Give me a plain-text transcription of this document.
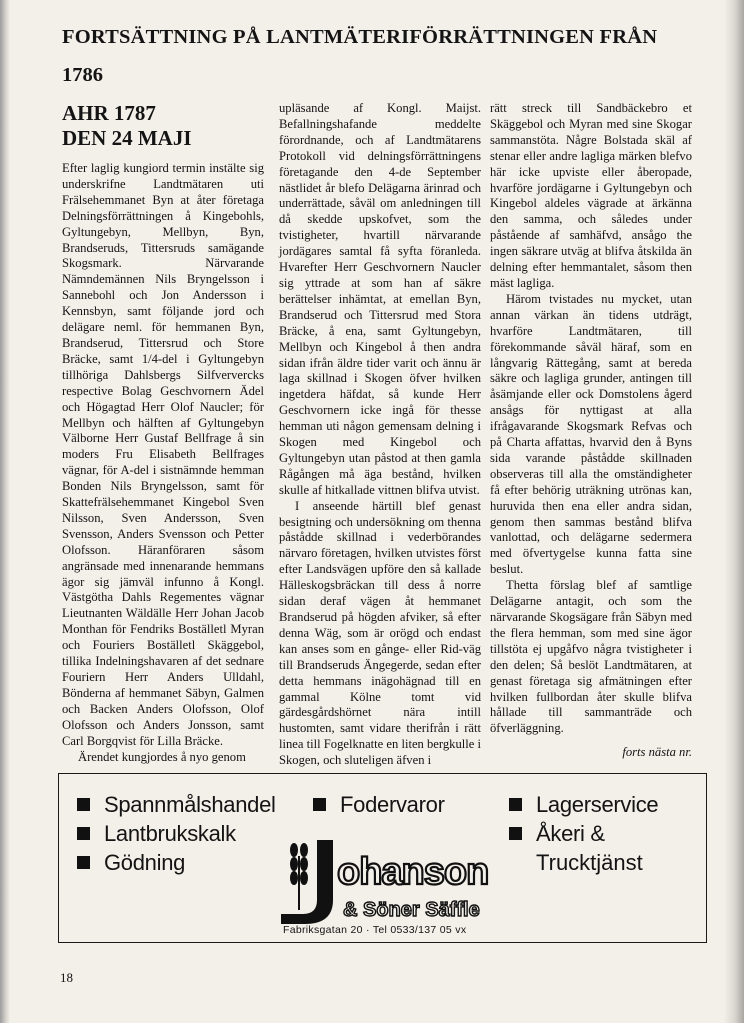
FORTSÄTTNING PÅ LANTMÄTERIFÖRRÄTTNINGEN FRÅN
1786
AHR 1787
DEN 24 MAJI

Efter laglig kungiord termin instälte sig underskrifne Landtmätaren uti Frälsehemmanet Byn at åter företaga Delningsförrättningen å Kingebohls, Gyltungebyn, Mellbyn, Byn, Brandseruds, Tittersruds samägande Skogsmark. Närvarande Nämndemännen Nils Bryngelsson i Sannebohl och Jon Andersson i Kennsbyn, samt följande jord och delägare neml. för hemmanen Byn, Brandserud, Tittersrud och Store Bräcke, samt 1/4-del i Gyltungebyn tillhöriga Dahlsbergs Silfververcks respective Bolag Geschvornern Ädel och Högagtad Herr Olof Naucler; för Mellbyn och hälften af Gyltungebyn Välborne Herr Gustaf Bellfrage å sin moders Fru Elisabeth Bellfrages vägnar, för A-del i sistnämnde hemman Bonden Nils Bryngelsson, samt för Skattefrälsehemmanet Kingebol Sven Nilsson, Sven Andersson, Sven Svensson, Anders Svensson och Petter Olofsson. Häranföraren såsom angränsade med innenarande hemmans ägor sig jämväl infunno å Kongl. Västgötha Dahls Regementes vägnar Lieutnanten Wäldälle Herr Johan Jacob Monthan för Fendriks Boställetl Myran och Fouriers Boställetl Skäggebol, tillika Indelningshavaren af det sednare Fouriern Herr Anders Ulldahl, Bönderna af hemmanet Säbyn, Galmen och Backen Anders Olofsson, Olof Olofsson och Anders Jonsson, samt Carl Borgqvist för Lilla Bräcke.

Ärendet kungjordes å nyo genom

upläsande af Kongl. Maijst. Befallningshafande meddelte förordnande, och af Landtmätarens Protokoll vid delningsförrättningens företagande den 4-de September nästlidet år blefo Delägarna ärinrad och underrättade, såväl om anledningen till då skedde upskofvet, som the tvistigheter, hvartill närvarande jordägares samtal få syfta föranleda. Hvarefter Herr Geschvornern Naucler sig yttrade at som han af säkre berättelser inhämtat, at emellan Byn, Brandserud och Tittersrud med Stora Bräcke, å ena, samt Gyltungebyn, Mellbyn och Kingebol å then andra sidan ifrån äldre tider varit och ännu är laga skillnad i Skogen öfver hvilken ingetdera häfdat, så kunde Herr Geschvornern icke ingå för thesse hemman uti någon gemensam delning i Skogen med Kingebol och Gyltungebyn utan påstod at then gamla Rågången må äga bestånd, hvilken skulle af hitkallade vittnen blifva utvist.

I anseende härtill blef genast besigtning och undersökning om thenna påstådde skillnad i vederbörandes närvaro företagen, hvilken utvistes först efter Landsvägen upföre den så kallade Hälleskogsbräckan till dess å norre sidan deraf vägen åt hemmanet Brandserud på högden afviker, så efter denna Wäg, som är orögd och endast kan anses som en gånge- eller Rid-väg till Brandseruds Ängegerde, sedan efter detta hemmans inägohägnad till en gammal Kölne tomt vid gärdesgårdshörnet nära intill hustomten, samt vidare therifrån i rätt linea till Fogelknatte en liten bergkulle i Skogen, och sluteligen äfven i

rätt streck till Sandbäckebro et Skäggebol och Myran med sine Skogar sammanstöta. Någre Bolstada skäl af stenar eller andre lagliga märken blefvo här icke upviste eller åberopade, hvarföre jordägarne i Gyltungebyn och Kingebol aldeles vägrade at ärkänna den samma, och således under påstående af samhäfvd, ansågo the ingen säkrare utväg at blifva åtskilda än delning efter hemmantalet, såsom then mäst lagliga.

Härom tvistades nu mycket, utan annan värkan än tidens utdrägt, hvarföre Landtmätaren, till förekommande såväl häraf, som en långvarig Rättegång, samt at bereda säkre och lagliga grunder, antingen till åsämjande eller ock Domstolens ågerd ansågs för nyttigast at alla ifrågavarande Skogsmark Refvas och på Charta affattas, hvarvid den å Byns sida varande påstådde skillnaden observeras till alla the omständigheter få efter behörig uträkning utrönas kan, huruvida then ena eller andra sidan, genom then sammas bestånd blifva vanlottad, och delägarne sedermera med öfvertygelse kunna fatta sine beslut.

Thetta förslag blef af samtlige Delägarne antagit, och som the närvarande Skogsägare från Säbyn med the flera hemman, som med sine ägor tillstöta ej upgåfvo några tvistigheter i den delen; Så beslöt Landtmätaren, at genast företaga sig afmätningen efter hvilken fullbordan åter skulle blifva hållade till sammanträde och öfverläggning.

forts nästa nr.
Spannmålshandel
Lantbrukskalk
Gödning
Fodervaror	Lagerservice
Åkeri &
Trucktjänst
ohanson
& Söner Säffle
Fabriksgatan 20 · Tel 0533/137 05 vx
18
